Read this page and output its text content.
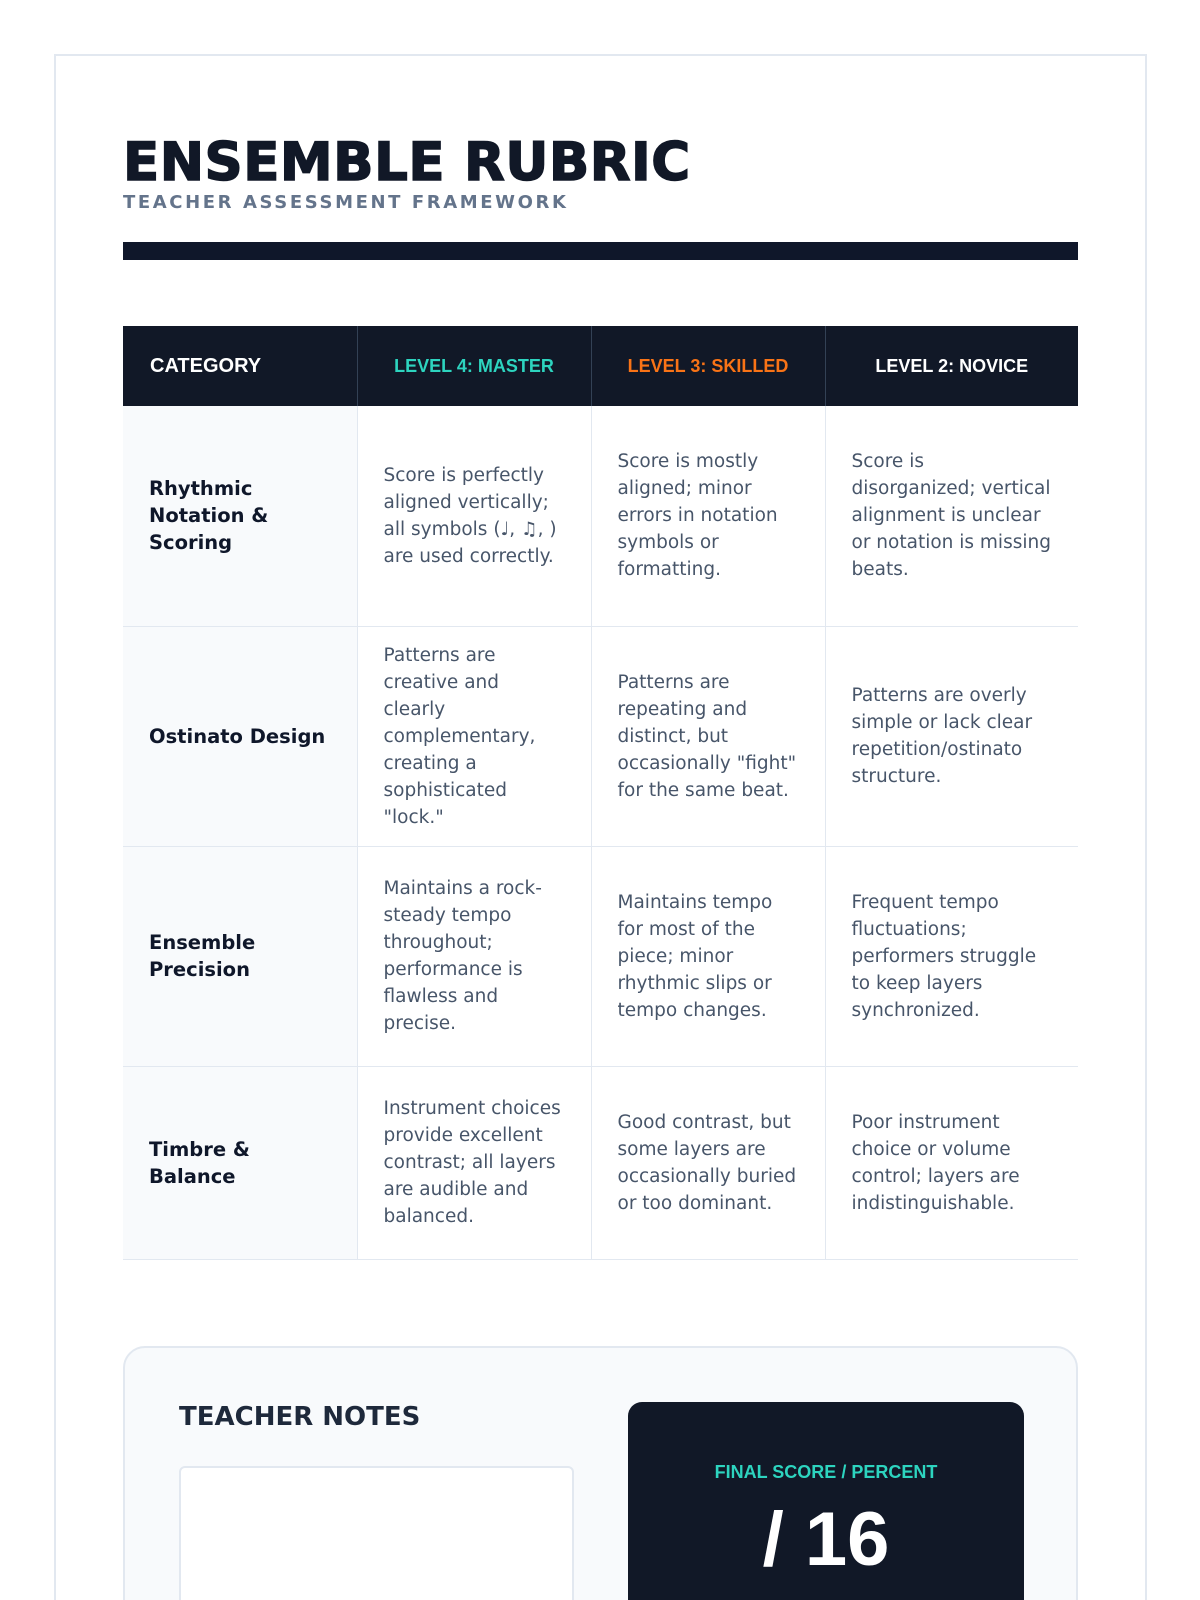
ENSEMBLE RUBRIC
TEACHER ASSESSMENT FRAMEWORK
CATEGORY	LEVEL 4: MASTER	LEVEL 3: SKILLED	LEVEL 2: NOVICE
Rhythmic Notation & Scoring	Score is perfectly aligned vertically; all symbols (♩, ♫, ) are used correctly.	Score is mostly aligned; minor errors in notation symbols or formatting.	Score is disorganized; vertical alignment is unclear or notation is missing beats.
Ostinato Design	Patterns are creative and clearly complementary, creating a sophisticated "lock."	Patterns are repeating and distinct, but occasionally "fight" for the same beat.	Patterns are overly simple or lack clear repetition/ostinato structure.
Ensemble Precision	Maintains a rock-steady tempo throughout; performance is flawless and precise.	Maintains tempo for most of the piece; minor rhythmic slips or tempo changes.	Frequent tempo fluctuations; performers struggle to keep layers synchronized.
Timbre & Balance	Instrument choices provide excellent contrast; all layers are audible and balanced.	Good contrast, but some layers are occasionally buried or too dominant.	Poor instrument choice or volume control; layers are indistinguishable.
TEACHER NOTES
FINAL SCORE / PERCENT
/ 16
